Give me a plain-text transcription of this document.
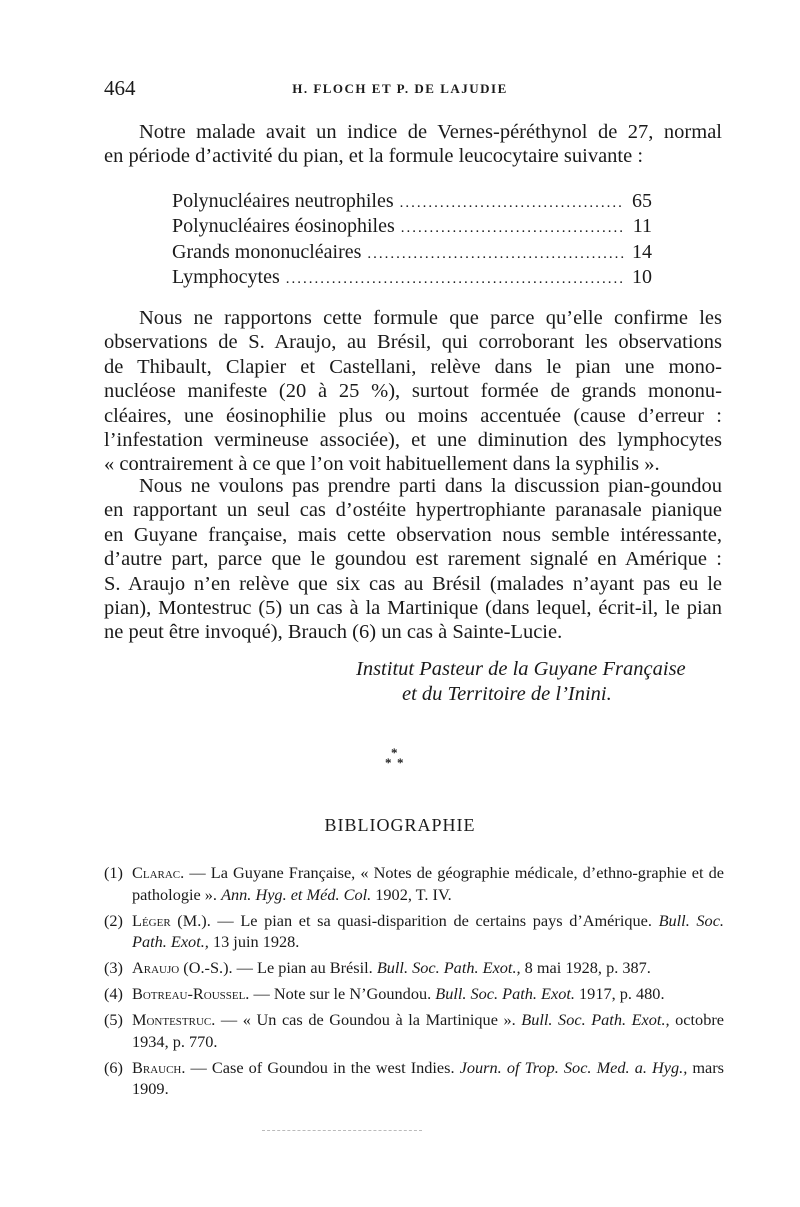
464	H. FLOCH ET P. DE LAJUDIE
Notre malade avait un indice de Vernes-péréthynol de 27, normal
en période d’activité du pian, et la formule leucocytaire suivante :
Polynucléaires neutrophiles .....	65
Polynucléaires éosinophiles .....	11
Grands mononucléaires .....	14
Lymphocytes .....	10
Nous ne rapportons cette formule que parce qu’elle confirme les
observations de S. Araujo, au Brésil, qui corroborant les observations
de Thibault, Clapier et Castellani, relève dans le pian une mono-
nucléose manifeste (20 à 25 %), surtout formée de grands mononu-
cléaires, une éosinophilie plus ou moins accentuée (cause d’erreur :
l’infestation vermineuse associée), et une diminution des lymphocytes
« contrairement à ce que l’on voit habituellement dans la syphilis ».
Nous ne voulons pas prendre parti dans la discussion pian-goundou
en rapportant un seul cas d’ostéite hypertrophiante paranasale pianique
en Guyane française, mais cette observation nous semble intéressante,
d’autre part, parce que le goundou est rarement signalé en Amérique :
S. Araujo n’en relève que six cas au Brésil (malades n’ayant pas eu le
pian), Montestruc (5) un cas à la Martinique (dans lequel, écrit-il, le pian
ne peut être invoqué), Brauch (6) un cas à Sainte-Lucie.
Institut Pasteur de la Guyane Française
et du Territoire de l’Inini.
*
* *
BIBLIOGRAPHIE
(1) Clarac. — La Guyane Française, « Notes de géographie médicale, d’ethno-graphie et de pathologie ». Ann. Hyg. et Méd. Col. 1902, T. IV.
(2) Léger (M.). — Le pian et sa quasi-disparition de certains pays d’Amérique. Bull. Soc. Path. Exot., 13 juin 1928.
(3) Araujo (O.-S.). — Le pian au Brésil. Bull. Soc. Path. Exot., 8 mai 1928, p. 387.
(4) Botreau-Roussel. — Note sur le N’Goundou. Bull. Soc. Path. Exot. 1917, p. 480.
(5) Montestruc. — « Un cas de Goundou à la Martinique ». Bull. Soc. Path. Exot., octobre 1934, p. 770.
(6) Brauch. — Case of Goundou in the west Indies. Journ. of Trop. Soc. Med. a. Hyg., mars 1909.
